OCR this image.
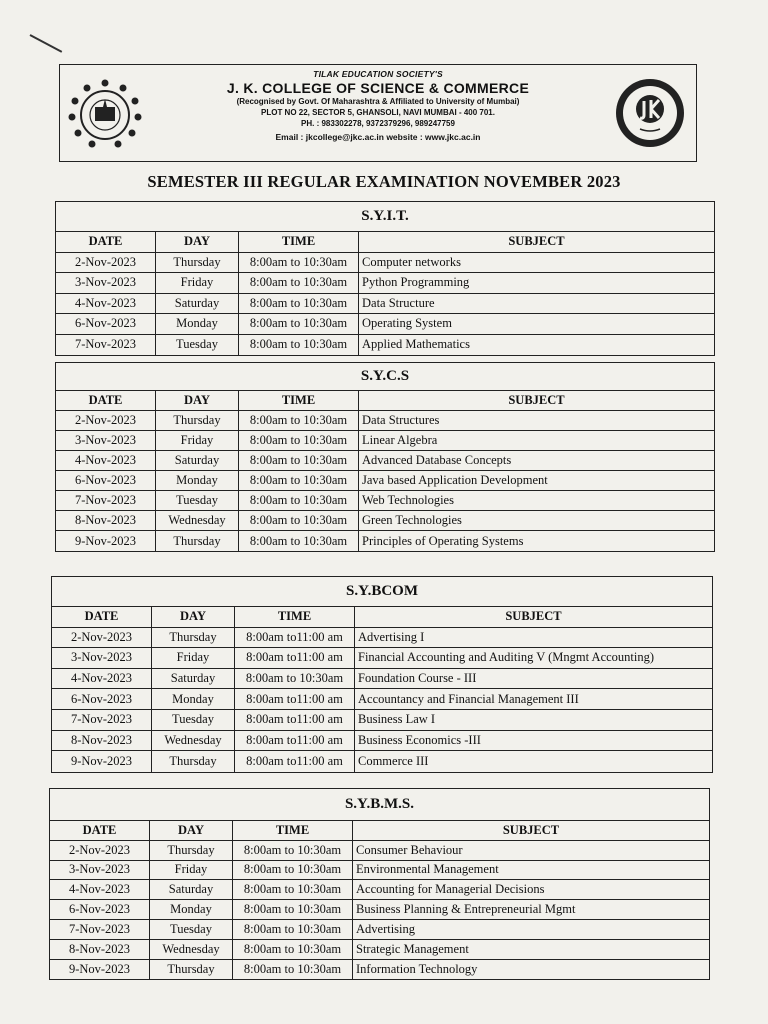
TILAK EDUCATION SOCIETY'S
J. K. COLLEGE OF SCIENCE & COMMERCE
(Recognised by Govt. Of Maharashtra & Affiliated to University of Mumbai)
PLOT NO 22, SECTOR 5, GHANSOLI, NAVI MUMBAI - 400 701.
PH. : 983302278, 9372379296, 989247759
Email : jkcollege@jkc.ac.in website : www.jkc.ac.in
SEMESTER III REGULAR EXAMINATION NOVEMBER 2023
S.Y.I.T.
DATE	DAY	TIME	SUBJECT
2-Nov-2023	Thursday	8:00am to 10:30am	Computer networks
3-Nov-2023	Friday	8:00am to 10:30am	Python Programming
4-Nov-2023	Saturday	8:00am to 10:30am	Data Structure
6-Nov-2023	Monday	8:00am to 10:30am	Operating System
7-Nov-2023	Tuesday	8:00am to 10:30am	Applied Mathematics
S.Y.C.S
DATE	DAY	TIME	SUBJECT
2-Nov-2023	Thursday	8:00am to 10:30am	Data Structures
3-Nov-2023	Friday	8:00am to 10:30am	Linear Algebra
4-Nov-2023	Saturday	8:00am to 10:30am	Advanced Database Concepts
6-Nov-2023	Monday	8:00am to 10:30am	Java based Application Development
7-Nov-2023	Tuesday	8:00am to 10:30am	Web Technologies
8-Nov-2023	Wednesday	8:00am to 10:30am	Green Technologies
9-Nov-2023	Thursday	8:00am to 10:30am	Principles of Operating Systems
S.Y.BCOM
DATE	DAY	TIME	SUBJECT
2-Nov-2023	Thursday	8:00am to11:00 am	Advertising I
3-Nov-2023	Friday	8:00am to11:00 am	Financial Accounting and Auditing V (Mngmt Accounting)
4-Nov-2023	Saturday	8:00am to 10:30am	Foundation Course - III
6-Nov-2023	Monday	8:00am to11:00 am	Accountancy and Financial Management III
7-Nov-2023	Tuesday	8:00am to11:00 am	Business Law I
8-Nov-2023	Wednesday	8:00am to11:00 am	Business Economics -III
9-Nov-2023	Thursday	8:00am to11:00 am	Commerce III
S.Y.B.M.S.
DATE	DAY	TIME	SUBJECT
2-Nov-2023	Thursday	8:00am to 10:30am	Consumer Behaviour
3-Nov-2023	Friday	8:00am to 10:30am	Environmental Management
4-Nov-2023	Saturday	8:00am to 10:30am	Accounting for Managerial Decisions
6-Nov-2023	Monday	8:00am to 10:30am	Business Planning & Entrepreneurial Mgmt
7-Nov-2023	Tuesday	8:00am to 10:30am	Advertising
8-Nov-2023	Wednesday	8:00am to 10:30am	Strategic Management
9-Nov-2023	Thursday	8:00am to 10:30am	Information Technology
